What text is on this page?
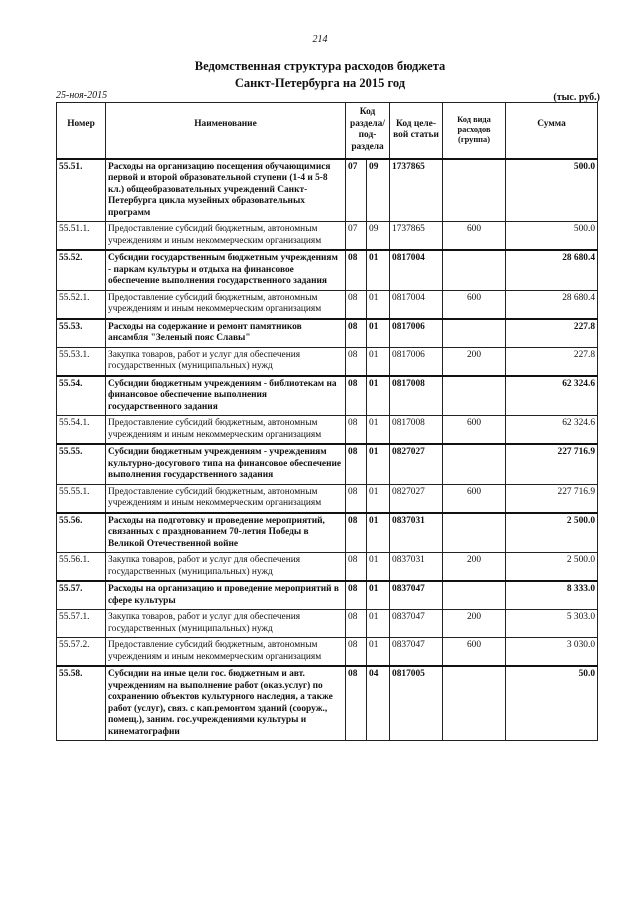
214
Ведомственная структура расходов бюджета
Санкт-Петербурга на 2015 год
25-ноя-2015	(тыс. руб.)
Номер	Наименование	Код раздела/ под-раздела		Код целе-вой статьи	Код вида расходов (группа)	Сумма
55.51.	Расходы на организацию посещения обучающимися первой и второй образовательной ступени (1-4 и 5-8 кл.) общеобразовательных учреждений Санкт-Петербурга цикла музейных образовательных программ	07	09	1737865		500.0
55.51.1.	Предоставление субсидий бюджетным, автономным учреждениям и иным некоммерческим организациям	07	09	1737865	600	500.0
55.52.	Субсидии государственным бюджетным учреждениям - паркам культуры и отдыха на финансовое обеспечение выполнения государственного задания	08	01	0817004		28 680.4
55.52.1.	Предоставление субсидий бюджетным, автономным учреждениям и иным некоммерческим организациям	08	01	0817004	600	28 680.4
55.53.	Расходы на содержание и ремонт памятников ансамбля "Зеленый пояс Славы"	08	01	0817006		227.8
55.53.1.	Закупка товаров, работ и услуг для обеспечения государственных (муниципальных) нужд	08	01	0817006	200	227.8
55.54.	Субсидии бюджетным учреждениям - библиотекам на финансовое обеспечение выполнения государственного задания	08	01	0817008		62 324.6
55.54.1.	Предоставление субсидий бюджетным, автономным учреждениям и иным некоммерческим организациям	08	01	0817008	600	62 324.6
55.55.	Субсидии бюджетным учреждениям - учреждениям культурно-досугового типа на финансовое обеспечение выполнения государственного задания	08	01	0827027		227 716.9
55.55.1.	Предоставление субсидий бюджетным, автономным учреждениям и иным некоммерческим организациям	08	01	0827027	600	227 716.9
55.56.	Расходы на подготовку и проведение мероприятий, связанных с празднованием 70-летия Победы в Великой Отечественной войне	08	01	0837031		2 500.0
55.56.1.	Закупка товаров, работ и услуг для обеспечения государственных (муниципальных) нужд	08	01	0837031	200	2 500.0
55.57.	Расходы на организацию и проведение мероприятий в сфере культуры	08	01	0837047		8 333.0
55.57.1.	Закупка товаров, работ и услуг для обеспечения государственных (муниципальных) нужд	08	01	0837047	200	5 303.0
55.57.2.	Предоставление субсидий бюджетным, автономным учреждениям и иным некоммерческим организациям	08	01	0837047	600	3 030.0
55.58.	Субсидии на иные цели гос. бюджетным и авт. учреждениям на выполнение работ (оказ.услуг) по сохранению объектов культурного наследия, а также работ (услуг), связ. с кап.ремонтом зданий (сооруж., помещ.), заним. гос.учреждениями культуры и кинематографии	08	04	0817005		50.0
